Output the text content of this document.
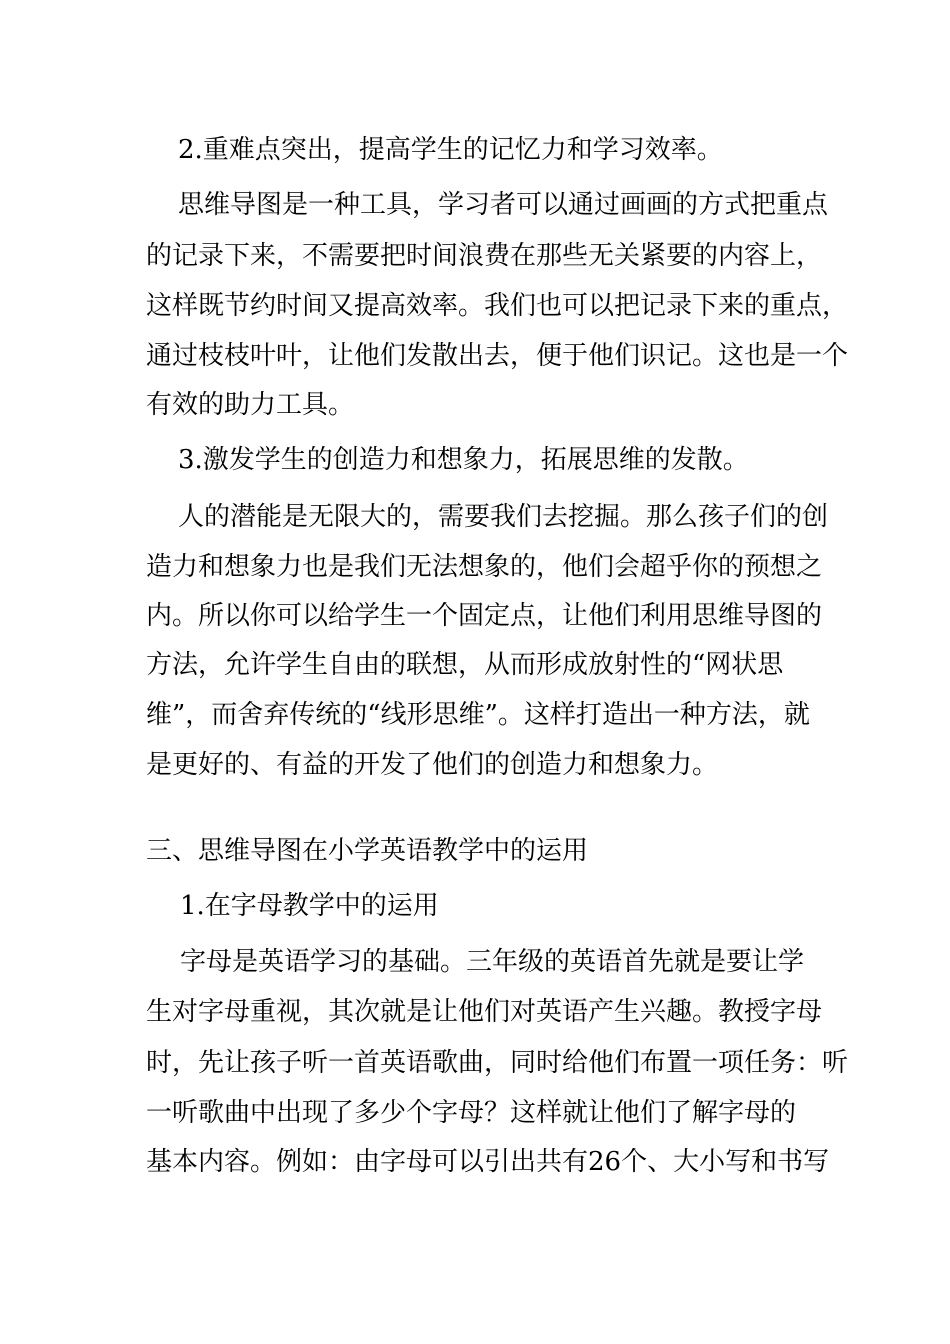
2.重难点突出，提高学生的记忆力和学习效率。
思维导图是一种工具，学习者可以通过画画的方式把重点
的记录下来，不需要把时间浪费在那些无关紧要的内容上，
这样既节约时间又提高效率。我们也可以把记录下来的重点，
通过枝枝叶叶，让他们发散出去，便于他们识记。这也是一个
有效的助力工具。
3.激发学生的创造力和想象力，拓展思维的发散。
人的潜能是无限大的，需要我们去挖掘。那么孩子们的创
造力和想象力也是我们无法想象的，他们会超乎你的预想之
内。所以你可以给学生一个固定点，让他们利用思维导图的
方法，允许学生自由的联想，从而形成放射性的“网状思
维”，而舍弃传统的“线形思维”。这样打造出一种方法，就
是更好的、有益的开发了他们的创造力和想象力。
三、思维导图在小学英语教学中的运用
1.在字母教学中的运用
字母是英语学习的基础。三年级的英语首先就是要让学
生对字母重视，其次就是让他们对英语产生兴趣。教授字母
时，先让孩子听一首英语歌曲，同时给他们布置一项任务：听
一听歌曲中出现了多少个字母？这样就让他们了解字母的
基本内容。例如：由字母可以引出共有26个、大小写和书写
